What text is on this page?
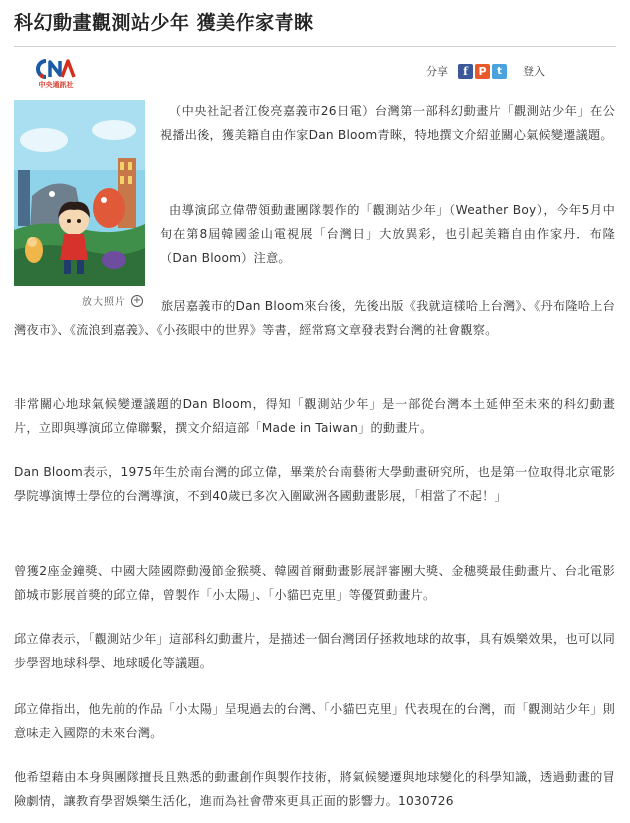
科幻動畫觀測站少年 獲美作家青睞
中央通訊社
分享	f P	t	登入
放大照片 +

（中央社記者江俊亮嘉義市26日電）台灣第一部科幻動畫片「觀測站少年」在公視播出後，獲美籍自由作家Dan Bloom青睞，特地撰文介紹並關心氣候變遷議題。

由導演邱立偉帶領動畫團隊製作的「觀測站少年」（Weather Boy），今年5月中旬在第8屆韓國釜山電視展「台灣日」大放異彩，也引起美籍自由作家丹．布隆（Dan Bloom）注意。

旅居嘉義市的Dan Bloom來台後，先後出版《我就這樣哈上台灣》、《丹布隆哈上台灣夜市》、《流浪到嘉義》、《小孩眼中的世界》等書，經常寫文章發表對台灣的社會觀察。

非常關心地球氣候變遷議題的Dan Bloom，得知「觀測站少年」是一部從台灣本土延伸至未來的科幻動畫片，立即與導演邱立偉聯繫，撰文介紹這部「Made in Taiwan」的動畫片。

Dan Bloom表示，1975年生於南台灣的邱立偉，畢業於台南藝術大學動畫研究所，也是第一位取得北京電影學院導演博士學位的台灣導演，不到40歲已多次入圍歐洲各國動畫影展，「相當了不起！」

曾獲2座金鐘獎、中國大陸國際動漫節金猴獎、韓國首爾動畫影展評審團大獎、金穗獎最佳動畫片、台北電影節城市影展首獎的邱立偉，曾製作「小太陽」、「小貓巴克里」等優質動畫片。

邱立偉表示，「觀測站少年」這部科幻動畫片，是描述一個台灣囝仔拯救地球的故事，具有娛樂效果，也可以同步學習地球科學、地球暖化等議題。

邱立偉指出，他先前的作品「小太陽」呈現過去的台灣、「小貓巴克里」代表現在的台灣，而「觀測站少年」則意味走入國際的未來台灣。

他希望藉由本身與團隊擅長且熟悉的動畫創作與製作技術，將氣候變遷與地球變化的科學知識，透過動畫的冒險劇情，讓教育學習娛樂生活化，進而為社會帶來更具正面的影響力。1030726
